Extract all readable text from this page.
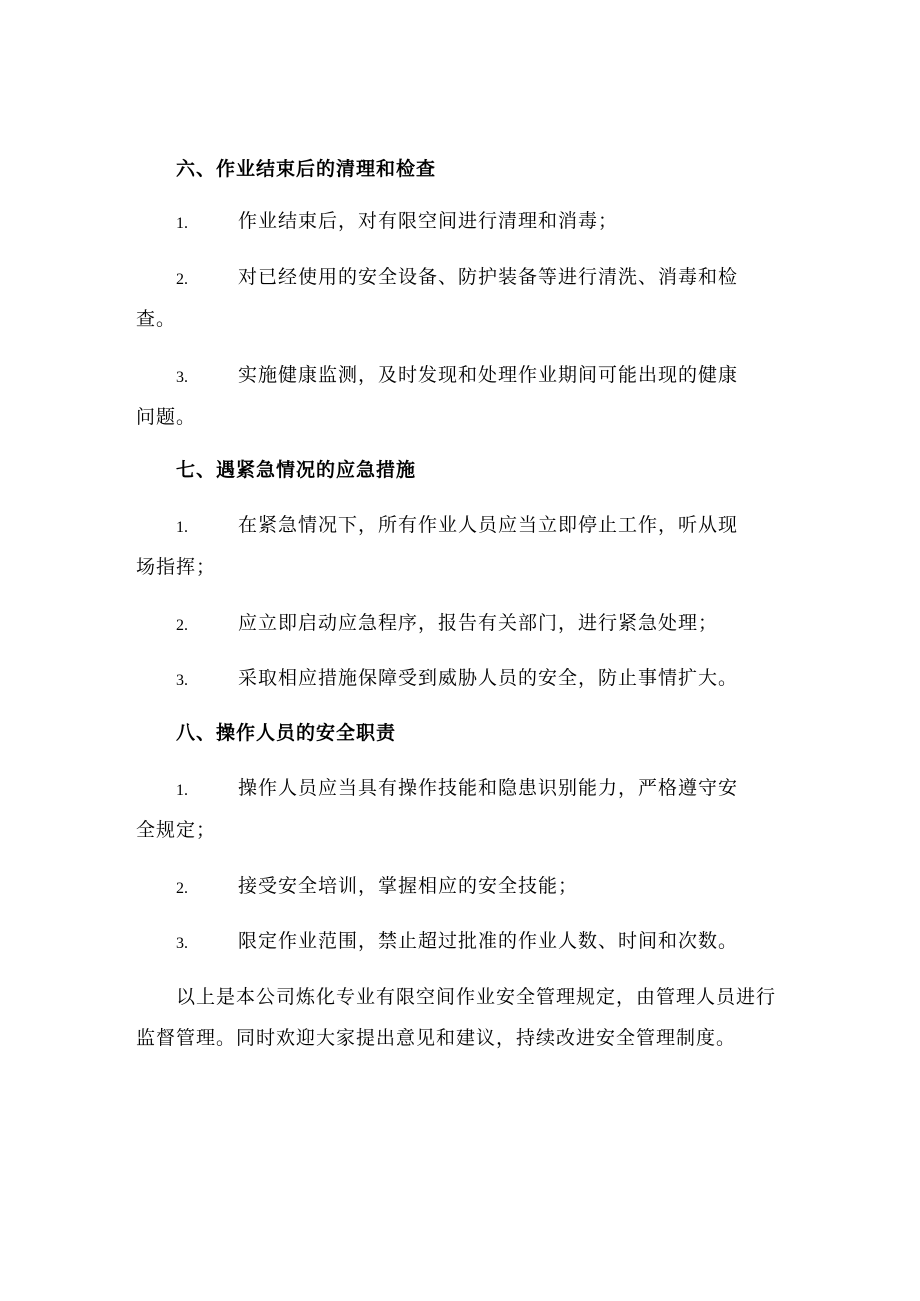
六、作业结束后的清理和检查
1.	作业结束后，对有限空间进行清理和消毒；
2.	对已经使用的安全设备、防护装备等进行清洗、消毒和检
查。
3.	实施健康监测，及时发现和处理作业期间可能出现的健康
问题。
七、遇紧急情况的应急措施
1.	在紧急情况下，所有作业人员应当立即停止工作，听从现
场指挥；
2.	应立即启动应急程序，报告有关部门，进行紧急处理；
3.	采取相应措施保障受到威胁人员的安全，防止事情扩大。
八、操作人员的安全职责
1.	操作人员应当具有操作技能和隐患识别能力，严格遵守安
全规定；
2.	接受安全培训，掌握相应的安全技能；
3.	限定作业范围，禁止超过批准的作业人数、时间和次数。
以上是本公司炼化专业有限空间作业安全管理规定，由管理人员进行
监督管理。同时欢迎大家提出意见和建议，持续改进安全管理制度。
